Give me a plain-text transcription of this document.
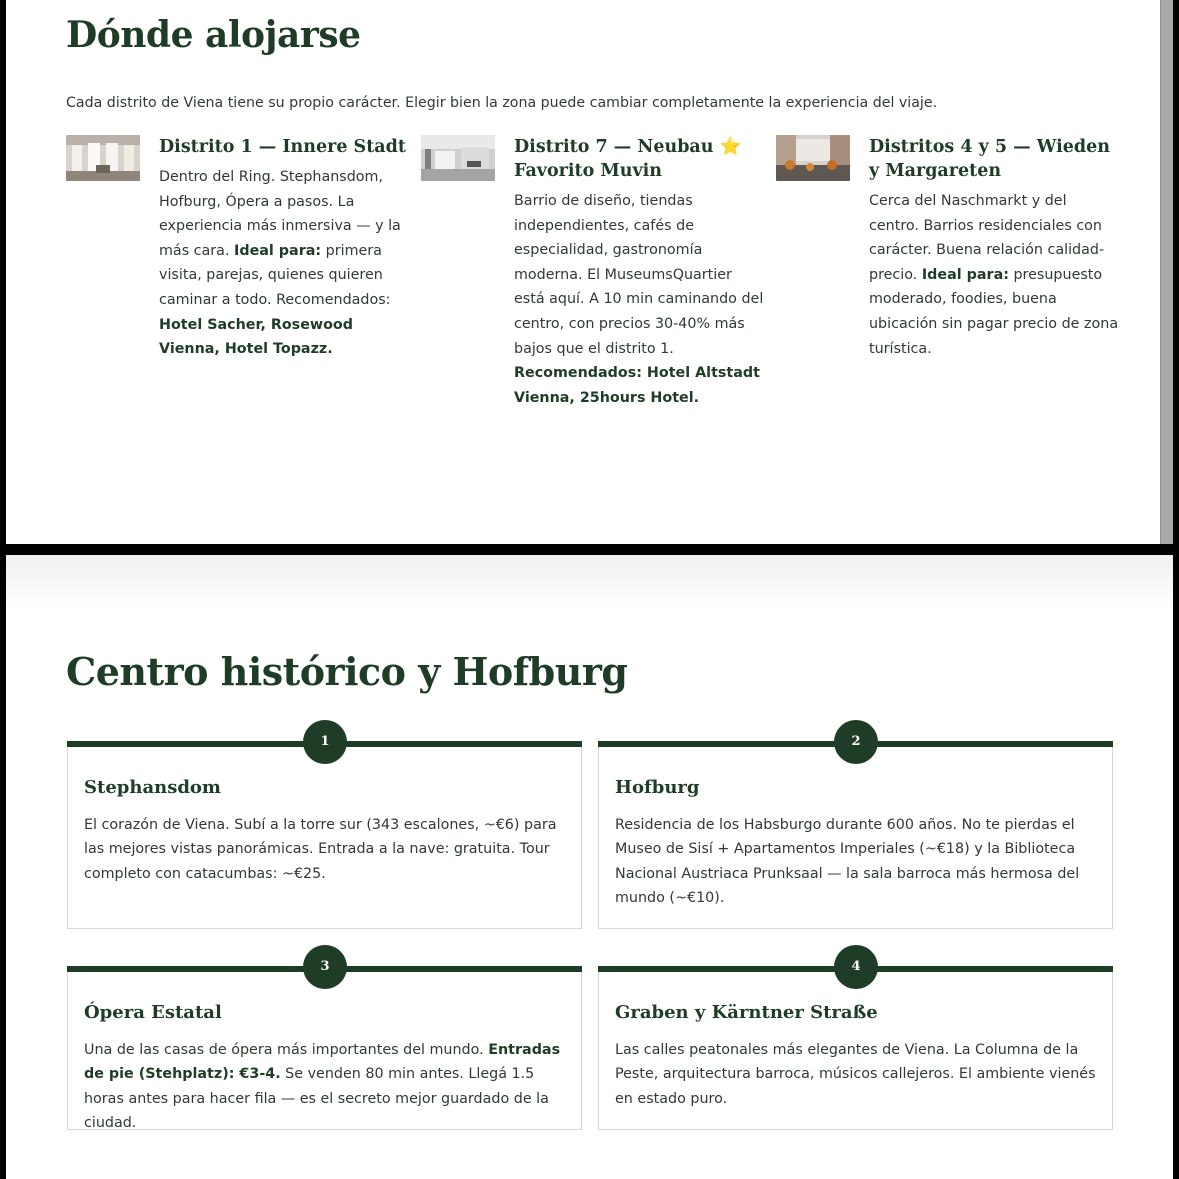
Dónde alojarse

Cada distrito de Viena tiene su propio carácter. Elegir bien la zona puede cambiar completamente la experiencia del viaje.

Distrito 1 — Innere Stadt
Dentro del Ring. Stephansdom, Hofburg, Ópera a pasos. La experiencia más inmersiva — y la más cara. Ideal para: primera visita, parejas, quienes quieren caminar a todo. Recomendados: Hotel Sacher, Rosewood Vienna, Hotel Topazz.
Distrito 7 — Neubau ⭐
Favorito Muvin
Barrio de diseño, tiendas independientes, cafés de especialidad, gastronomía moderna. El MuseumsQuartier está aquí. A 10 min caminando del centro, con precios 30-40% más bajos que el distrito 1. Recomendados: Hotel Altstadt Vienna, 25hours Hotel.
Distritos 4 y 5 — Wieden y Margareten
Cerca del Naschmarkt y del centro. Barrios residenciales con carácter. Buena relación calidad-precio. Ideal para: presupuesto moderado, foodies, buena ubicación sin pagar precio de zona turística.
Centro histórico y Hofburg
1
Stephansdom
El corazón de Viena. Subí a la torre sur (343 escalones, ~€6) para las mejores vistas panorámicas. Entrada a la nave: gratuita. Tour completo con catacumbas: ~€25.
2
Hofburg
Residencia de los Habsburgo durante 600 años. No te pierdas el Museo de Sisí + Apartamentos Imperiales (~€18) y la Biblioteca Nacional Austriaca Prunksaal — la sala barroca más hermosa del mundo (~€10).
3
Ópera Estatal
Una de las casas de ópera más importantes del mundo. Entradas de pie (Stehplatz): €3-4. Se venden 80 min antes. Llegá 1.5 horas antes para hacer fila — es el secreto mejor guardado de la ciudad.
4
Graben y Kärntner Straße
Las calles peatonales más elegantes de Viena. La Columna de la Peste, arquitectura barroca, músicos callejeros. El ambiente vienés en estado puro.
